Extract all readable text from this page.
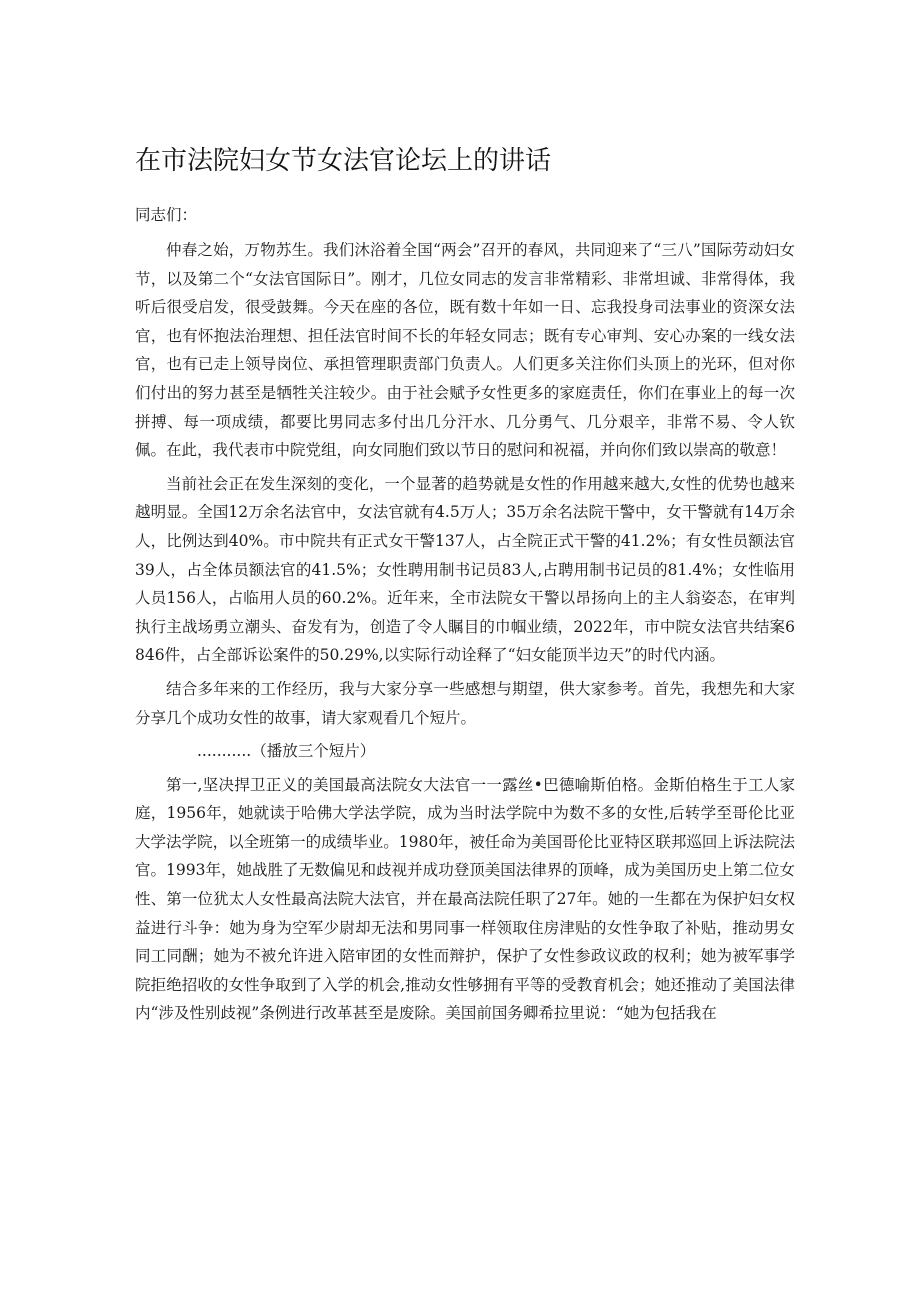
在市法院妇女节女法官论坛上的讲话

同志们：

仲春之始，万物苏生。我们沐浴着全国“两会”召开的春风，共同迎来了“三八”国际劳动妇女节，以及第二个“女法官国际日”。刚才，几位女同志的发言非常精彩、非常坦诚、非常得体，我听后很受启发，很受鼓舞。今天在座的各位，既有数十年如一日、忘我投身司法事业的资深女法官，也有怀抱法治理想、担任法官时间不长的年轻女同志；既有专心审判、安心办案的一线女法官，也有已走上领导岗位、承担管理职责部门负责人。人们更多关注你们头顶上的光环，但对你们付出的努力甚至是牺牲关注较少。由于社会赋予女性更多的家庭责任，你们在事业上的每一次拼搏、每一项成绩，都要比男同志多付出几分汗水、几分勇气、几分艰辛，非常不易、令人钦佩。在此，我代表市中院党组，向女同胞们致以节日的慰问和祝福，并向你们致以崇高的敬意！

当前社会正在发生深刻的变化，一个显著的趋势就是女性的作用越来越大,女性的优势也越来越明显。全国12万余名法官中，女法官就有4.5万人；35万余名法院干警中，女干警就有14万余人，比例达到40%。市中院共有正式女干警137人，占全院正式干警的41.2%；有女性员额法官39人，占全体员额法官的41.5%；女性聘用制书记员83人,占聘用制书记员的81.4%；女性临用人员156人，占临用人员的60.2%。近年来，全市法院女干警以昂扬向上的主人翁姿态，在审判执行主战场勇立潮头、奋发有为，创造了令人瞩目的巾帼业绩，2022年，市中院女法官共结案6846件，占全部诉讼案件的50.29%,以实际行动诠释了“妇女能顶半边天”的时代内涵。

结合多年来的工作经历，我与大家分享一些感想与期望，供大家参考。首先，我想先和大家分享几个成功女性的故事，请大家观看几个短片。

...........（播放三个短片）

第一,坚决捍卫正义的美国最高法院女大法官一一露丝•巴德喻斯伯格。金斯伯格生于工人家庭，1956年，她就读于哈佛大学法学院，成为当时法学院中为数不多的女性,后转学至哥伦比亚大学法学院，以全班第一的成绩毕业。1980年，被任命为美国哥伦比亚特区联邦巡回上诉法院法官。1993年，她战胜了无数偏见和歧视并成功登顶美国法律界的顶峰，成为美国历史上第二位女性、第一位犹太人女性最高法院大法官，并在最高法院任职了27年。她的一生都在为保护妇女权益进行斗争：她为身为空军少尉却无法和男同事一样领取住房津贴的女性争取了补贴，推动男女同工同酬；她为不被允许进入陪审团的女性而辩护，保护了女性参政议政的权利；她为被军事学院拒绝招收的女性争取到了入学的机会,推动女性够拥有平等的受教育机会；她还推动了美国法律内“涉及性别歧视”条例进行改革甚至是废除。美国前国务卿希拉里说：“她为包括我在
